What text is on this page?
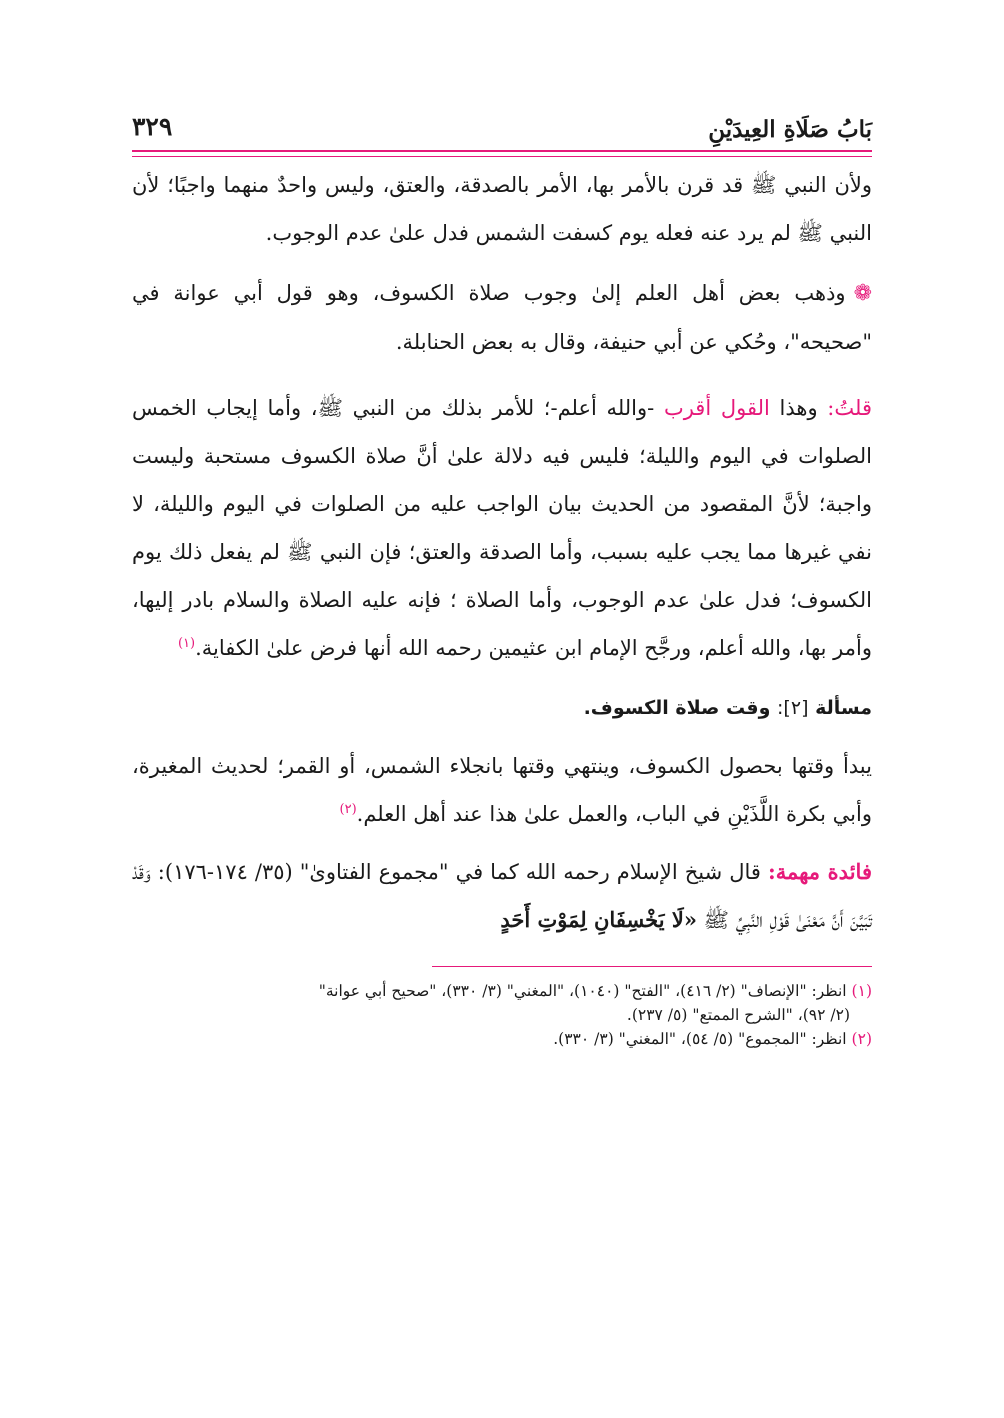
٣٢٩	بَابُ صَلَاةِ العِيدَيْنِ

ولأن النبي ﷺ قد قرن بالأمر بها، الأمر بالصدقة، والعتق، وليس واحدٌ منهما واجبًا؛ لأن النبي ﷺ لم يرد عنه فعله يوم كسفت الشمس فدل علىٰ عدم الوجوب.

❁وذهب بعض أهل العلم إلىٰ وجوب صلاة الكسوف، وهو قول أبي عوانة في "صحيحه"، وحُكي عن أبي حنيفة، وقال به بعض الحنابلة.

قلتُ: وهذا القول أقرب -والله أعلم-؛ للأمر بذلك من النبي ﷺ، وأما إيجاب الخمس الصلوات في اليوم والليلة؛ فليس فيه دلالة علىٰ أنَّ صلاة الكسوف مستحبة وليست واجبة؛ لأنَّ المقصود من الحديث بيان الواجب عليه من الصلوات في اليوم والليلة، لا نفي غيرها مما يجب عليه بسبب، وأما الصدقة والعتق؛ فإن النبي ﷺ لم يفعل ذلك يوم الكسوف؛ فدل علىٰ عدم الوجوب، وأما الصلاة ؛ فإنه عليه الصلاة والسلام بادر إليها، وأمر بها، والله أعلم، ورجَّح الإمام ابن عثيمين رحمه الله أنها فرض علىٰ الكفاية.$^{(١)}$

مسألة [٢]: وقت صلاة الكسوف.

يبدأ وقتها بحصول الكسوف، وينتهي وقتها بانجلاء الشمس، أو القمر؛ لحديث المغيرة، وأبي بكرة اللَّذَيْنِ في الباب، والعمل علىٰ هذا عند أهل العلم.$^{(٢)}$

فائدة مهمة: قال شيخ الإسلام رحمه الله كما في "مجموع الفتاوىٰ" (٣٥/ ١٧٤-١٧٦): وَقَدْ تَبَيَّنَ أَنَّ مَعْنَىٰ قَوْلِ النَّبِيِّ ﷺ «لَا يَخْسِفَانِ لِمَوْتِ أَحَدٍ

(١) انظر: "الإنصاف" (٢/ ٤١٦)، "الفتح" (١٠٤٠)، "المغني" (٣/ ٣٣٠)، "صحيح أبي عوانة"
(٢/ ٩٢)، "الشرح الممتع" (٥/ ٢٣٧).
(٢) انظر: "المجموع" (٥/ ٥٤)، "المغني" (٣/ ٣٣٠).
